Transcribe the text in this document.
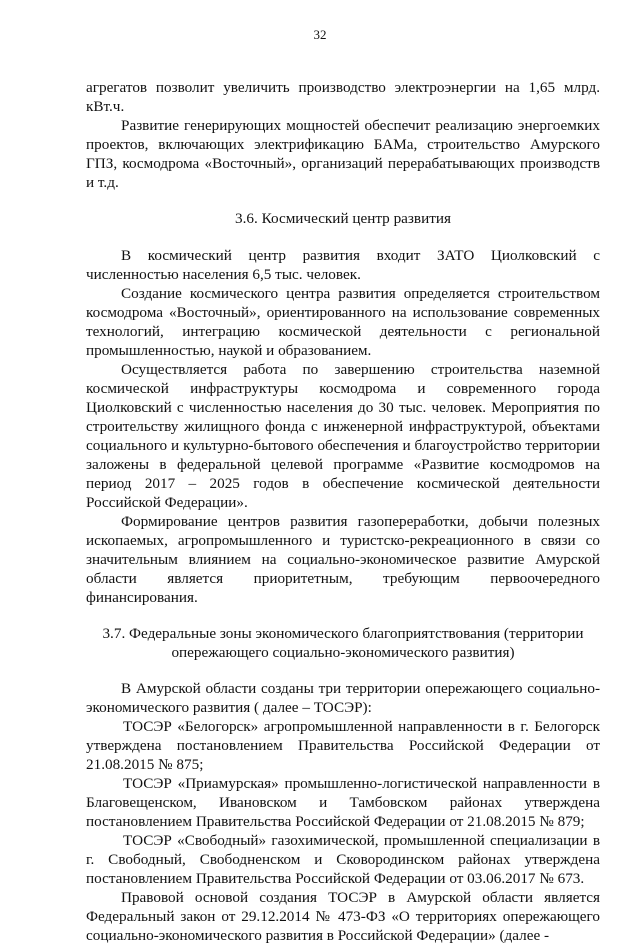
32

агрегатов позволит увеличить производство электроэнергии на 1,65 млрд. кВт.ч.

Развитие генерирующих мощностей обеспечит реализацию энергоемких проектов, включающих электрификацию БАМа, строительство Амурского ГПЗ, космодрома «Восточный», организаций перерабатывающих производств и т.д.

3.6. Космический центр развития

В космический центр развития входит ЗАТО Циолковский с численностью населения 6,5 тыс. человек.

Создание космического центра развития определяется строительством космодрома «Восточный», ориентированного на использование современных технологий, интеграцию космической деятельности с региональной промышленностью, наукой и образованием.

Осуществляется работа по завершению строительства наземной космической инфраструктуры космодрома и современного города Циолковский с численностью населения до 30 тыс. человек. Мероприятия по строительству жилищного фонда с инженерной инфраструктурой, объектами социального и культурно-бытового обеспечения и благоустройство территории заложены в федеральной целевой программе «Развитие космодромов на период 2017 – 2025 годов в обеспечение космической деятельности Российской Федерации».

Формирование центров развития газопереработки, добычи полезных ископаемых, агропромышленного и туристско-рекреационного в связи со значительным влиянием на социально-экономическое развитие Амурской области является приоритетным, требующим первоочередного финансирования.

3.7. Федеральные зоны экономического благоприятствования (территории опережающего социально-экономического развития)

В Амурской области созданы три территории опережающего социально-экономического развития ( далее – ТОСЭР):

ТОСЭР «Белогорск» агропромышленной направленности в г. Белогорск утверждена постановлением Правительства Российской Федерации от 21.08.2015 № 875;

ТОСЭР «Приамурская» промышленно-логистической направленности в Благовещенском, Ивановском и Тамбовском районах утверждена постановлением Правительства Российской Федерации от 21.08.2015 № 879;

ТОСЭР «Свободный» газохимической, промышленной специализации в г. Свободный, Свободненском и Сковородинском районах утверждена постановлением Правительства Российской Федерации от 03.06.2017 № 673.

Правовой основой создания ТОСЭР в Амурской области является Федеральный закон от 29.12.2014 № 473-ФЗ «О территориях опережающего социально-экономического развития в Российской Федерации» (далее -
